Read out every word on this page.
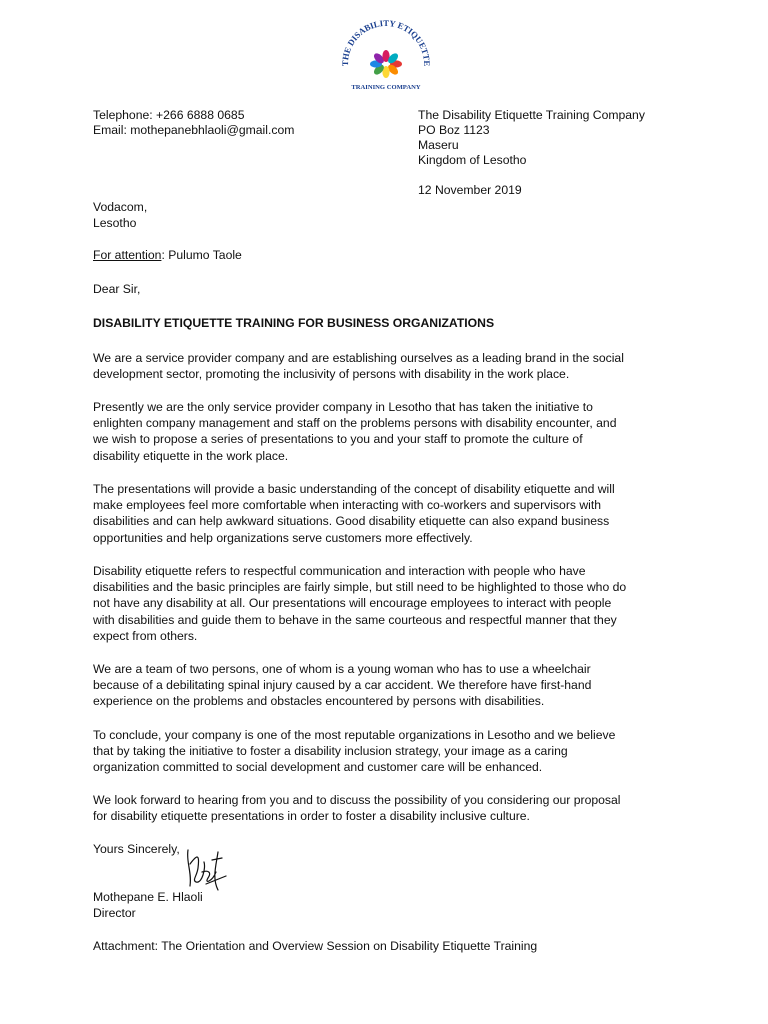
THE DISABILITY ETIQUETTE
TRAINING COMPANY
Telephone: +266 6888 0685
Email: mothepanebhlaoli@gmail.com
The Disability Etiquette Training Company
PO Boz 1123
Maseru
Kingdom of Lesotho
12 November 2019
Vodacom,
Lesotho
For attention: Pulumo Taole
Dear Sir,
DISABILITY ETIQUETTE TRAINING FOR BUSINESS ORGANIZATIONS
We are a service provider company and are establishing ourselves as a leading brand in the social
development sector, promoting the inclusivity of persons with disability in the work place.
Presently we are the only service provider company in Lesotho that has taken the initiative to
enlighten company management and staff on the problems persons with disability encounter, and
we wish to propose a series of presentations to you and your staff to promote the culture of
disability etiquette in the work place.
The presentations will provide a basic understanding of the concept of disability etiquette and will
make employees feel more comfortable when interacting with co-workers and supervisors with
disabilities and can help awkward situations. Good disability etiquette can also expand business
opportunities and help organizations serve customers more effectively.
Disability etiquette refers to respectful communication and interaction with people who have
disabilities and the basic principles are fairly simple, but still need to be highlighted to those who do
not have any disability at all. Our presentations will encourage employees to interact with people
with disabilities and guide them to behave in the same courteous and respectful manner that they
expect from others.
We are a team of two persons, one of whom is a young woman who has to use a wheelchair
because of a debilitating spinal injury caused by a car accident. We therefore have first-hand
experience on the problems and obstacles encountered by persons with disabilities.
To conclude, your company is one of the most reputable organizations in Lesotho and we believe
that by taking the initiative to foster a disability inclusion strategy, your image as a caring
organization committed to social development and customer care will be enhanced.
We look forward to hearing from you and to discuss the possibility of you considering our proposal
for disability etiquette presentations in order to foster a disability inclusive culture.
Yours Sincerely,
Mothepane E. Hlaoli
Director
Attachment: The Orientation and Overview Session on Disability Etiquette Training
